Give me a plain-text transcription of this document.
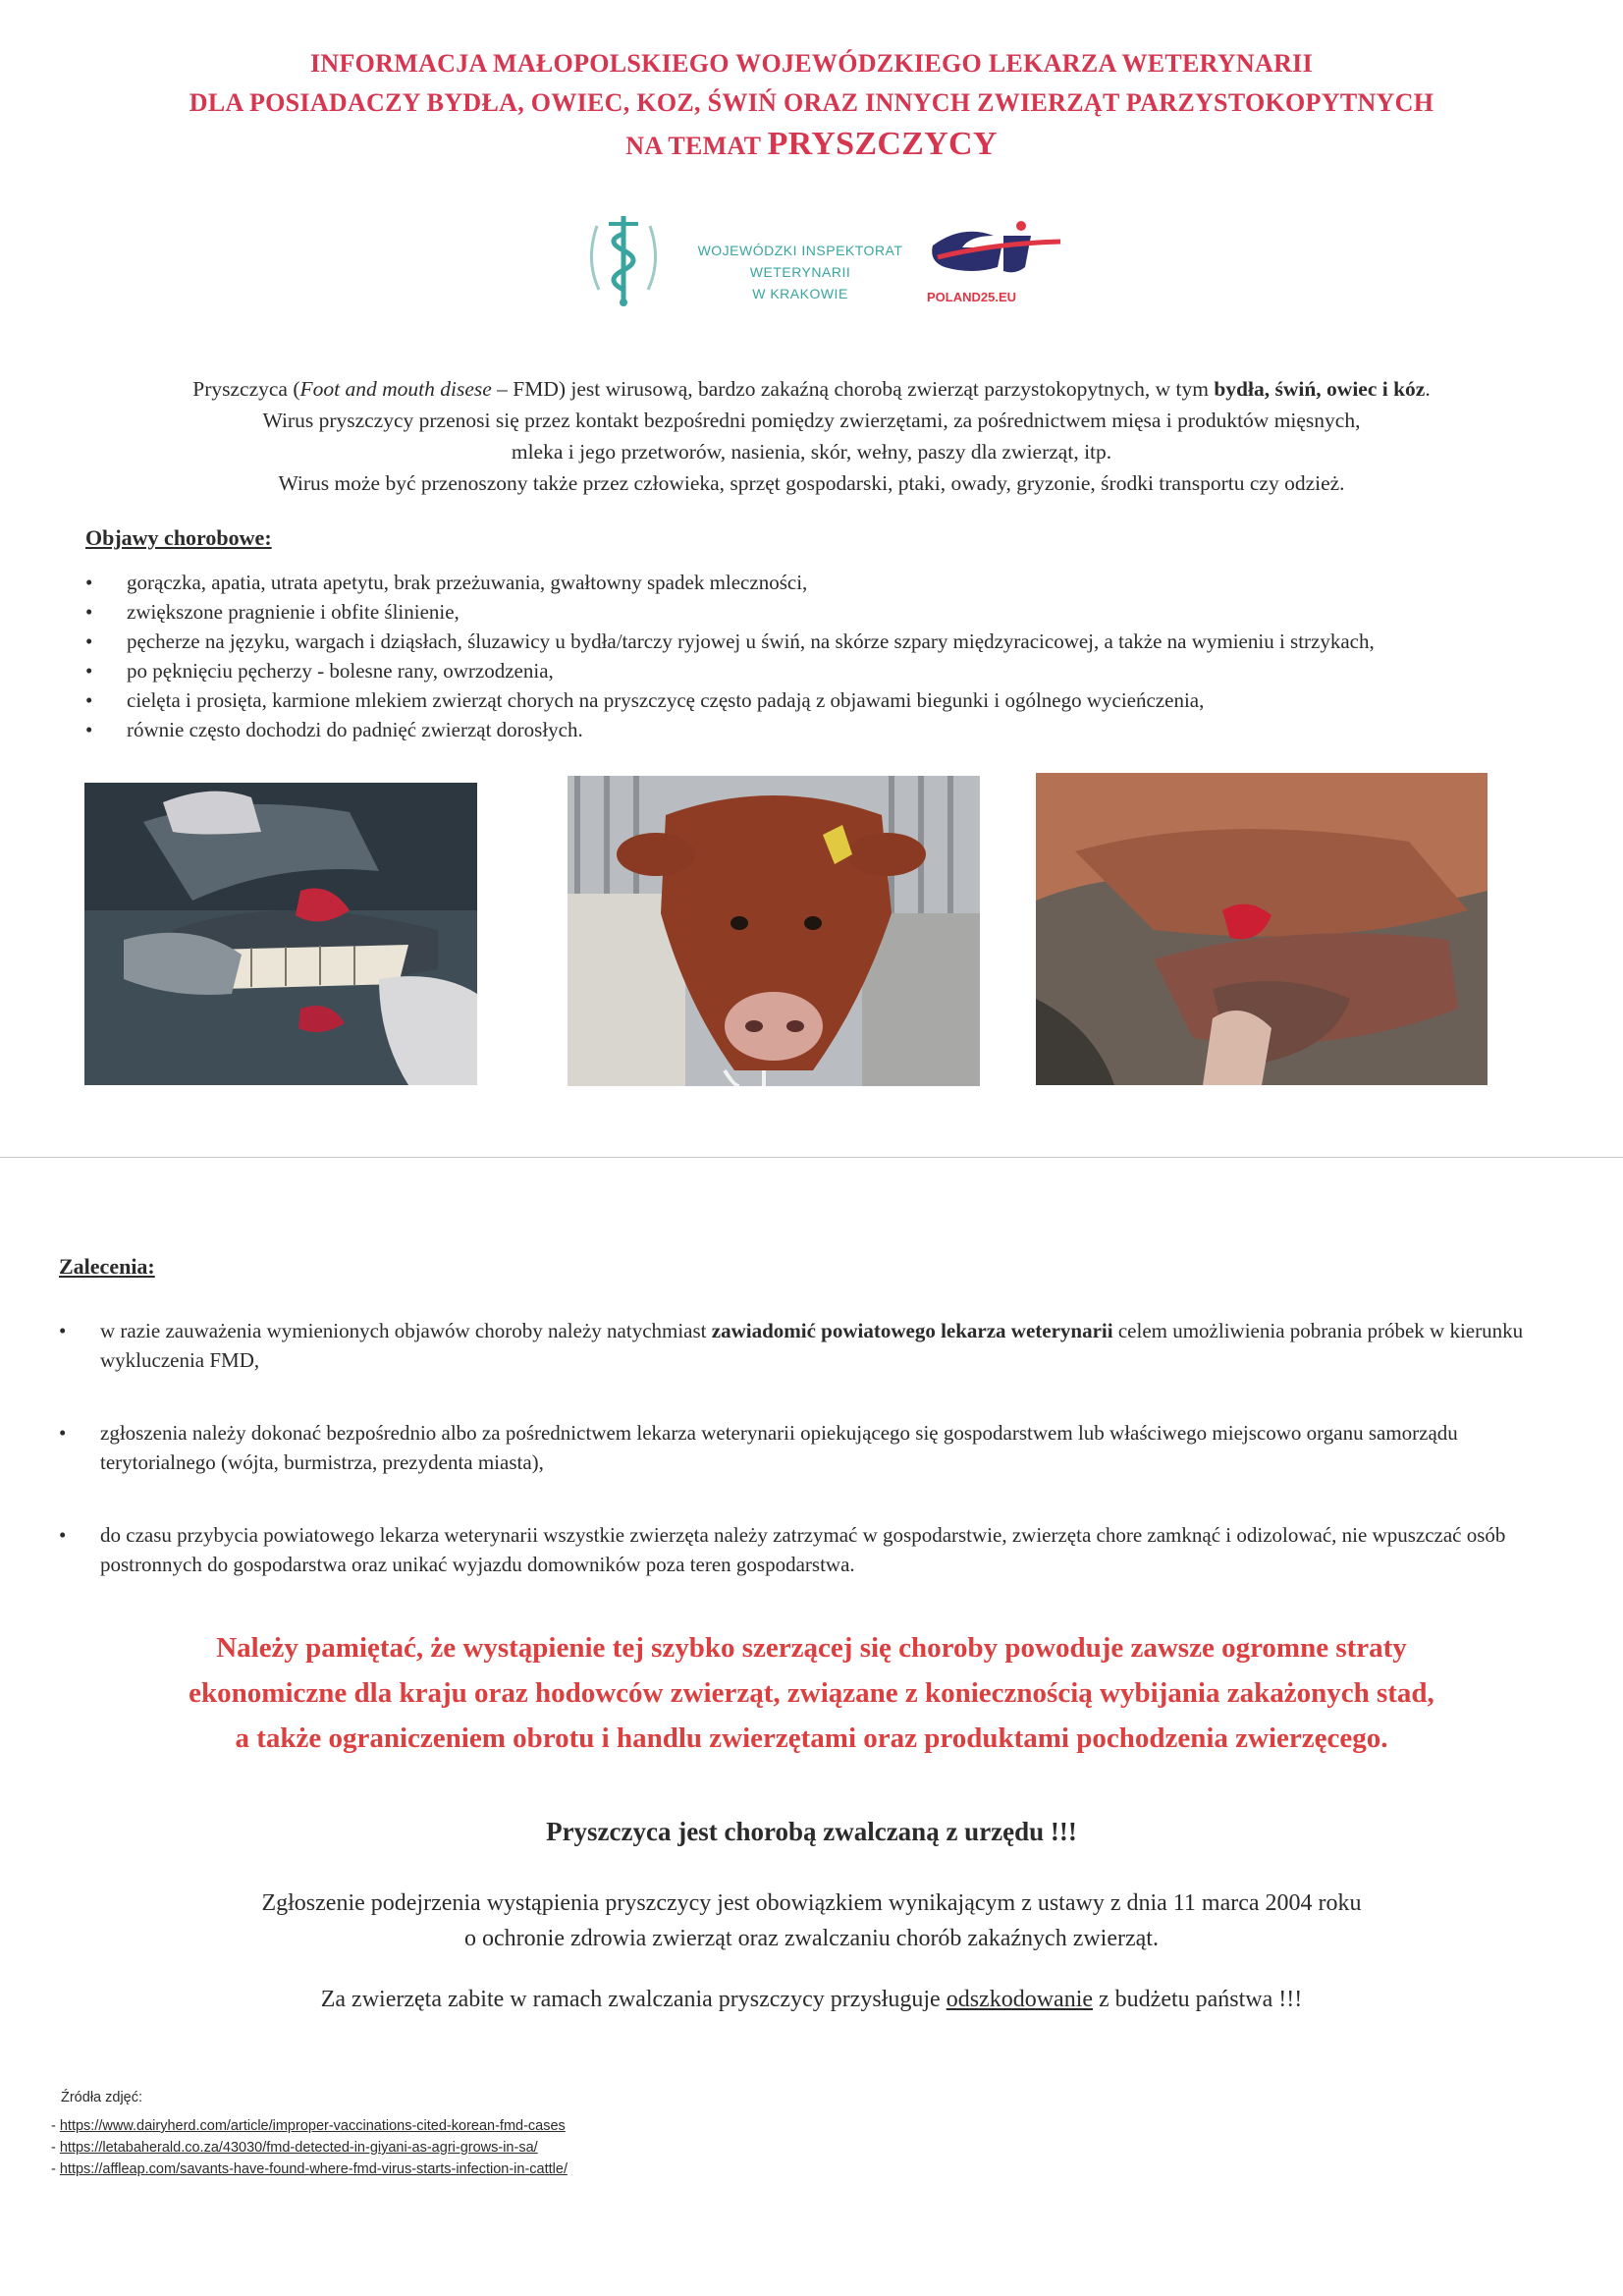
INFORMACJA MAŁOPOLSKIEGO WOJEWÓDZKIEGO LEKARZA WETERYNARII
DLA POSIADACZY BYDŁA, OWIEC, KOZ, ŚWIŃ ORAZ INNYCH ZWIERZĄT PARZYSTOKOPYTNYCH
NA TEMAT PRYSZCZYCY
WOJEWÓDZKI INSPEKTORAT
WETERYNARII
W KRAKOWIE	POLAND25.EU
Pryszczyca (Foot and mouth disese – FMD) jest wirusową, bardzo zakaźną chorobą zwierząt parzystokopytnych, w tym bydła, świń, owiec i kóz.
Wirus pryszczycy przenosi się przez kontakt bezpośredni pomiędzy zwierzętami, za pośrednictwem mięsa i produktów mięsnych, mleka i jego przetworów, nasienia, skór, wełny, paszy dla zwierząt, itp.
Wirus może być przenoszony także przez człowieka, sprzęt gospodarski, ptaki, owady, gryzonie, środki transportu czy odzież.
Objawy chorobowe:
• gorączka, apatia, utrata apetytu, brak przeżuwania, gwałtowny spadek mleczności,
• zwiększone pragnienie i obfite ślinienie,
• pęcherze na języku, wargach i dziąsłach, śluzawicy u bydła/tarczy ryjowej u świń, na skórze szpary międzyracicowej, a także na wymieniu i strzykach,
• po pęknięciu pęcherzy - bolesne rany, owrzodzenia,
• cielęta i prosięta, karmione mlekiem zwierząt chorych na pryszczycę często padają z objawami biegunki i ogólnego wycieńczenia,
• równie często dochodzi do padnięć zwierząt dorosłych.
Zalecenia:
• w razie zauważenia wymienionych objawów choroby należy natychmiast zawiadomić powiatowego lekarza weterynarii celem umożliwienia pobrania próbek w kierunku wykluczenia FMD,
• zgłoszenia należy dokonać bezpośrednio albo za pośrednictwem lekarza weterynarii opiekującego się gospodarstwem lub właściwego miejscowo organu samorządu terytorialnego (wójta, burmistrza, prezydenta miasta),
• do czasu przybycia powiatowego lekarza weterynarii wszystkie zwierzęta należy zatrzymać w gospodarstwie, zwierzęta chore zamknąć i odizolować, nie wpuszczać osób postronnych do gospodarstwa oraz unikać wyjazdu domowników poza teren gospodarstwa.
Należy pamiętać, że wystąpienie tej szybko szerzącej się choroby powoduje zawsze ogromne straty
ekonomiczne dla kraju oraz hodowców zwierząt, związane z koniecznością wybijania zakażonych stad,
a także ograniczeniem obrotu i handlu zwierzętami oraz produktami pochodzenia zwierzęcego.
Pryszczyca jest chorobą zwalczaną z urzędu !!!
Zgłoszenie podejrzenia wystąpienia pryszczycy jest obowiązkiem wynikającym z ustawy z dnia 11 marca 2004 roku
o ochronie zdrowia zwierząt oraz zwalczaniu chorób zakaźnych zwierząt.
Za zwierzęta zabite w ramach zwalczania pryszczycy przysługuje odszkodowanie z budżetu państwa !!!
Źródła zdjęć:
- https://www.dairyherd.com/article/improper-vaccinations-cited-korean-fmd-cases
- https://letabaherald.co.za/43030/fmd-detected-in-giyani-as-agri-grows-in-sa/
- https://affleap.com/savants-have-found-where-fmd-virus-starts-infection-in-cattle/
